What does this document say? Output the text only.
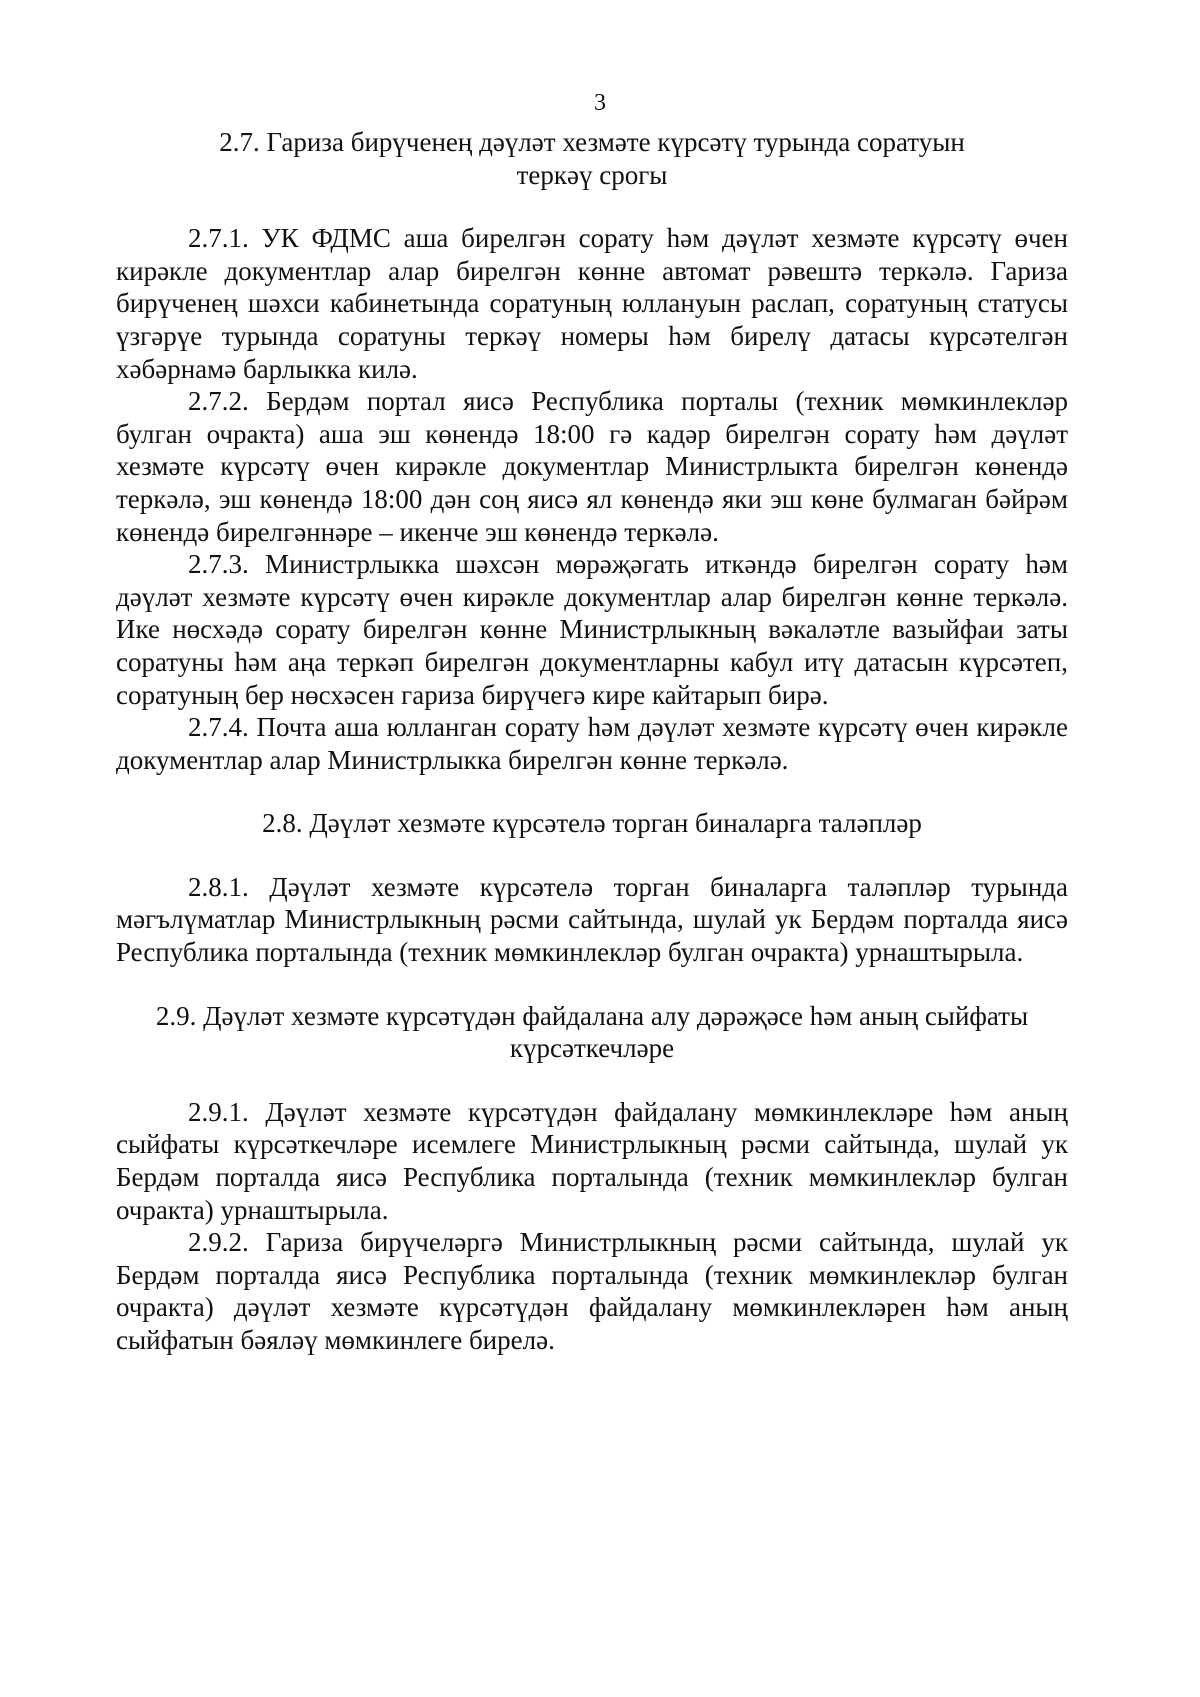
3
2.7. Гариза бирүченең дәүләт хезмәте күрсәтү турында соратуын
теркәү срогы

2.7.1. УК ФДМС аша бирелгән сорату һәм дәүләт хезмәте күрсәтү өчен кирәкле документлар алар бирелгән көнне автомат рәвештә теркәлә. Гариза бирүченең шәхси кабинетында соратуның юллануын раслап, соратуның статусы үзгәрүе турында соратуны теркәү номеры һәм бирелү датасы күрсәтелгән хәбәрнамә барлыкка килә.

2.7.2. Бердәм портал яисә Республика порталы (техник мөмкинлекләр булган очракта) аша эш көнендә 18:00 гә кадәр бирелгән сорату һәм дәүләт хезмәте күрсәтү өчен кирәкле документлар Министрлыкта бирелгән көнендә теркәлә, эш көнендә 18:00 дән соң яисә ял көнендә яки эш көне булмаган бәйрәм көнендә бирелгәннәре – икенче эш көнендә теркәлә.

2.7.3. Министрлыкка шәхсән мөрәҗәгать иткәндә бирелгән сорату һәм дәүләт хезмәте күрсәтү өчен кирәкле документлар алар бирелгән көнне теркәлә. Ике нөсхәдә сорату бирелгән көнне Министрлыкның вәкаләтле вазыйфаи заты соратуны һәм аңа теркәп бирелгән документларны кабул итү датасын күрсәтеп, соратуның бер нөсхәсен гариза бирүчегә кире кайтарып бирә.

2.7.4. Почта аша юлланган сорату һәм дәүләт хезмәте күрсәтү өчен кирәкле документлар алар Министрлыкка бирелгән көнне теркәлә.

2.8. Дәүләт хезмәте күрсәтелә торган биналарга таләпләр

2.8.1. Дәүләт хезмәте күрсәтелә торган биналарга таләпләр турында мәгълүматлар Министрлыкның рәсми сайтында, шулай ук Бердәм порталда яисә Республика порталында (техник мөмкинлекләр булган очракта) урнаштырыла.

2.9. Дәүләт хезмәте күрсәтүдән файдалана алу дәрәҗәсе һәм аның сыйфаты
күрсәткечләре

2.9.1. Дәүләт хезмәте күрсәтүдән файдалану мөмкинлекләре һәм аның сыйфаты күрсәткечләре исемлеге Министрлыкның рәсми сайтында, шулай ук Бердәм порталда яисә Республика порталында (техник мөмкинлекләр булган очракта) урнаштырыла.

2.9.2. Гариза бирүчеләргә Министрлыкның рәсми сайтында, шулай ук Бердәм порталда яисә Республика порталында (техник мөмкинлекләр булган очракта) дәүләт хезмәте күрсәтүдән файдалану мөмкинлекләрен һәм аның сыйфатын бәяләү мөмкинлеге бирелә.
